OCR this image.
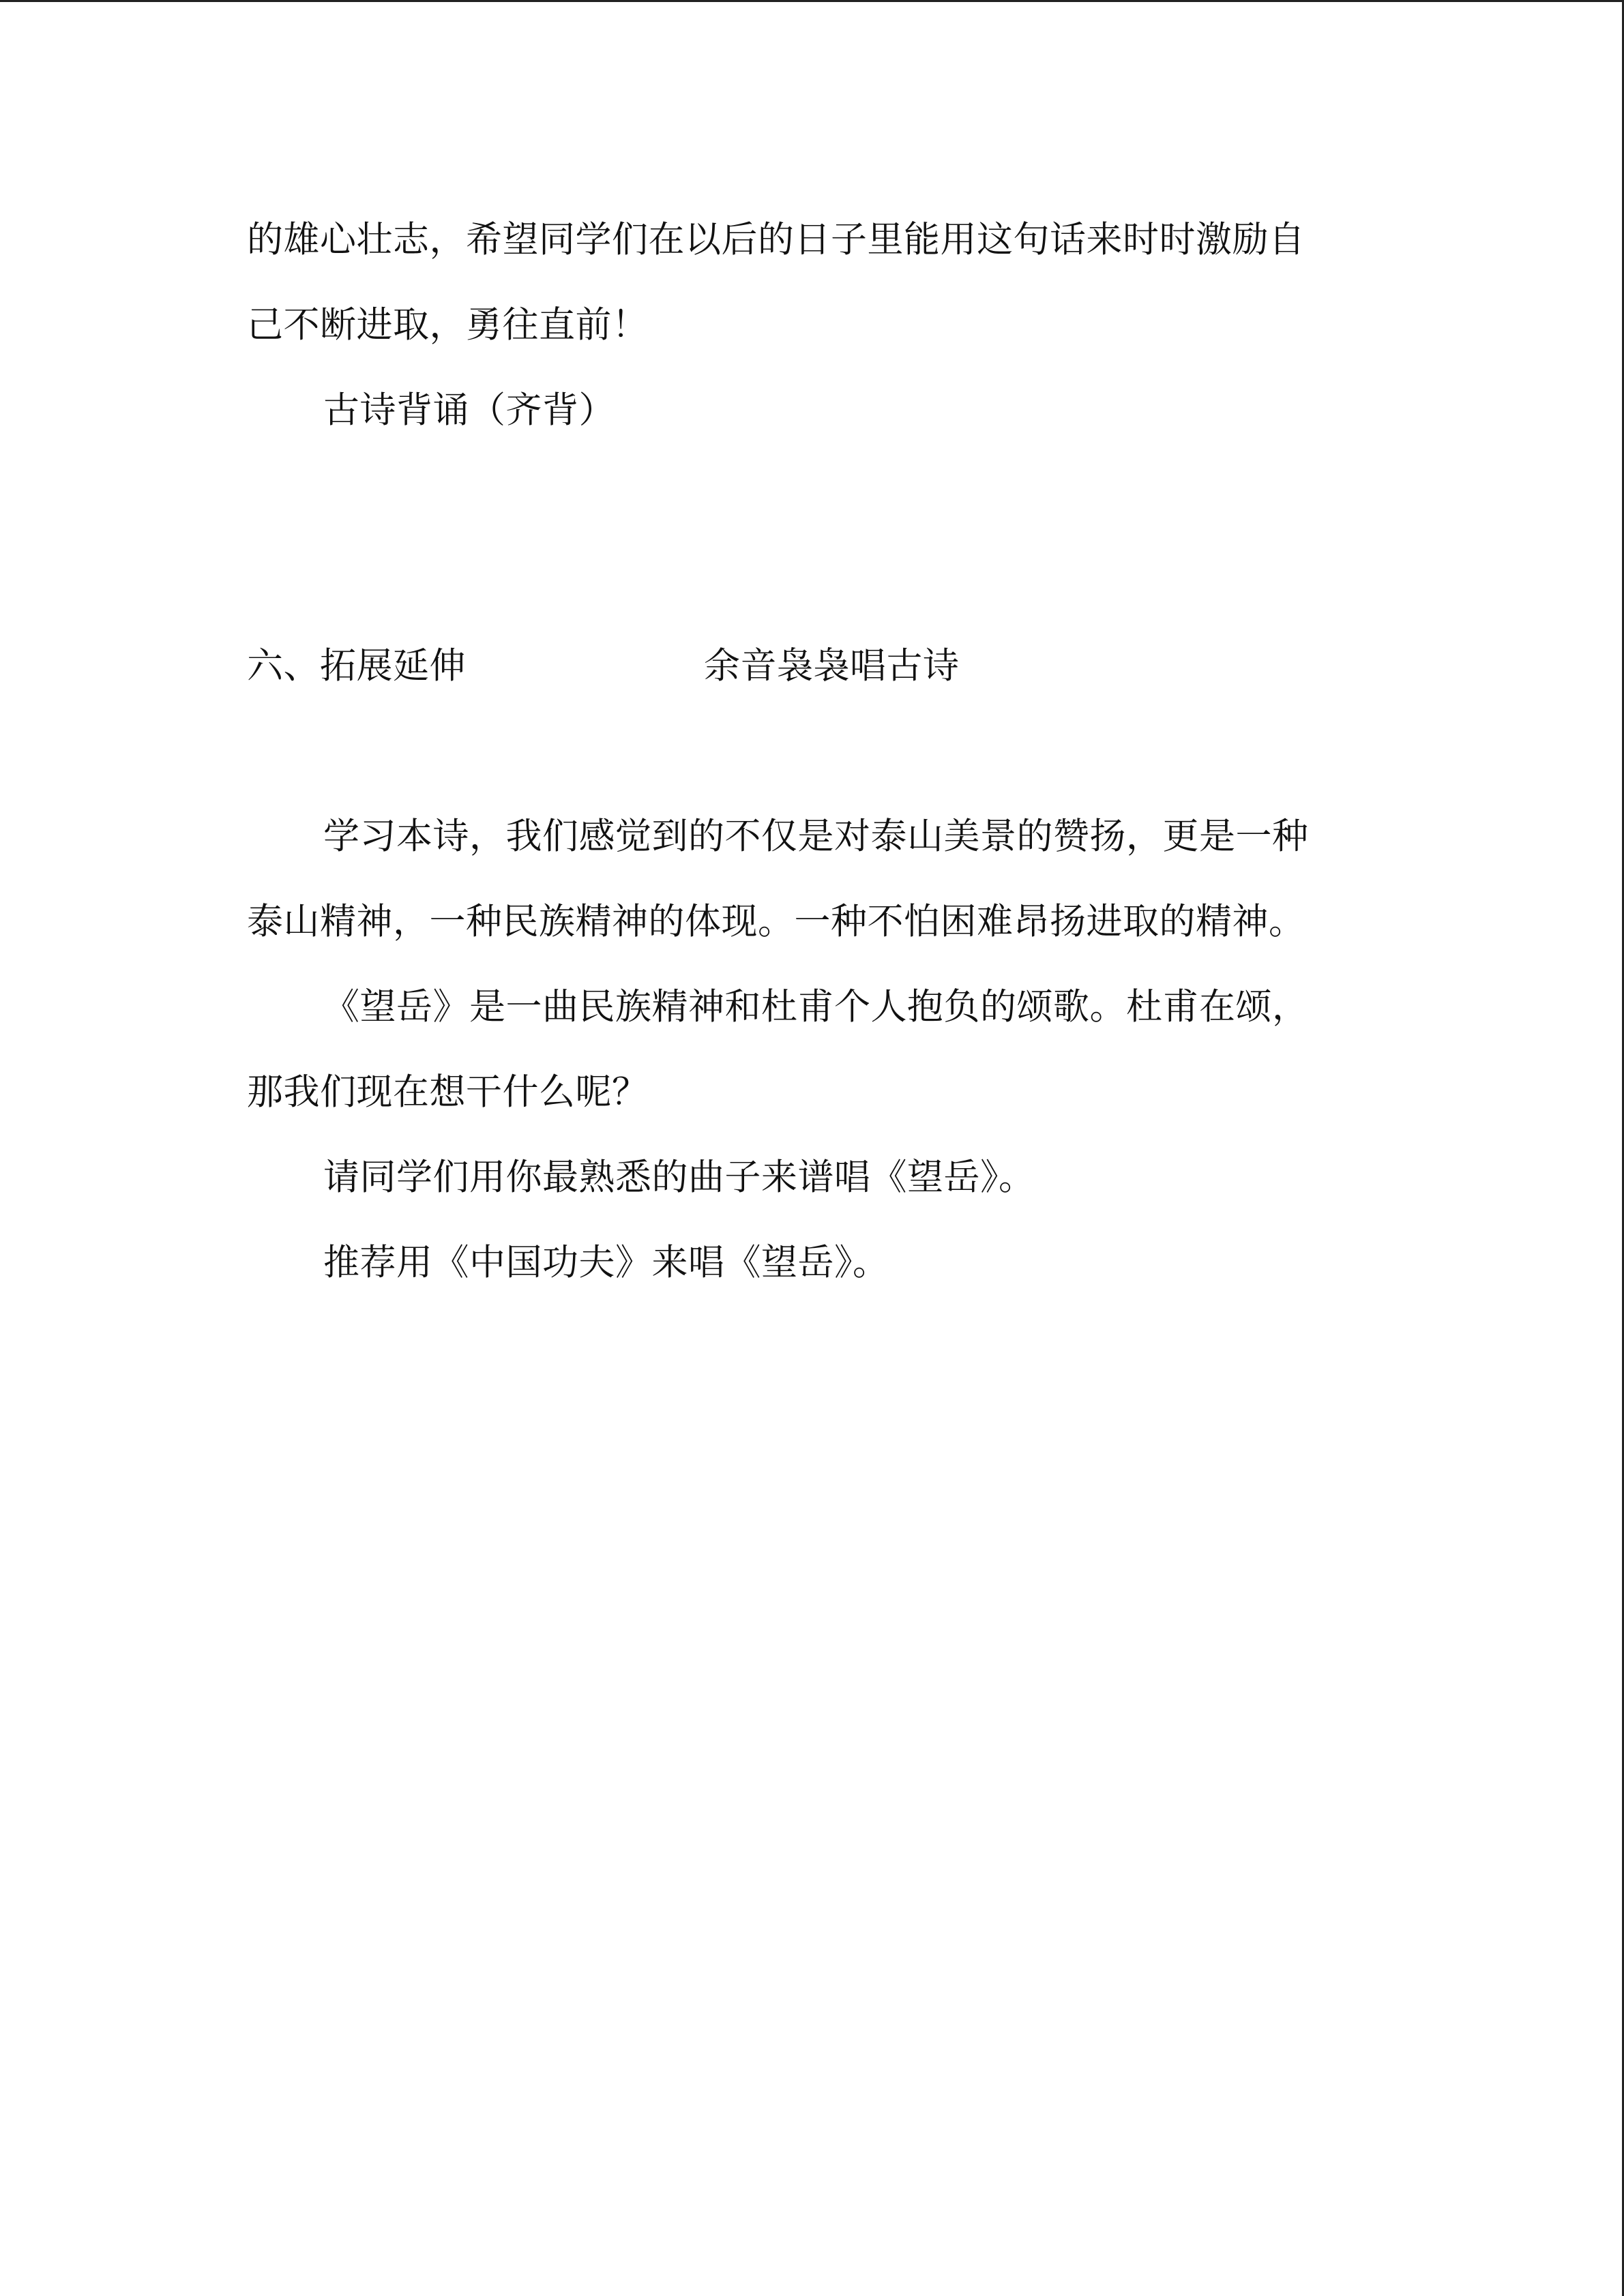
的雄心壮志，希望同学们在以后的日子里能用这句话来时时激励自
己不断进取，勇往直前！
古诗背诵（齐背）
六、拓展延伸	余音袅袅唱古诗
学习本诗，我们感觉到的不仅是对泰山美景的赞扬，更是一种
泰山精神，一种民族精神的体现。一种不怕困难昂扬进取的精神。
《望岳》是一曲民族精神和杜甫个人抱负的颂歌。杜甫在颂，
那我们现在想干什么呢？
请同学们用你最熟悉的曲子来谱唱《望岳》。
推荐用《中国功夫》来唱《望岳》。
